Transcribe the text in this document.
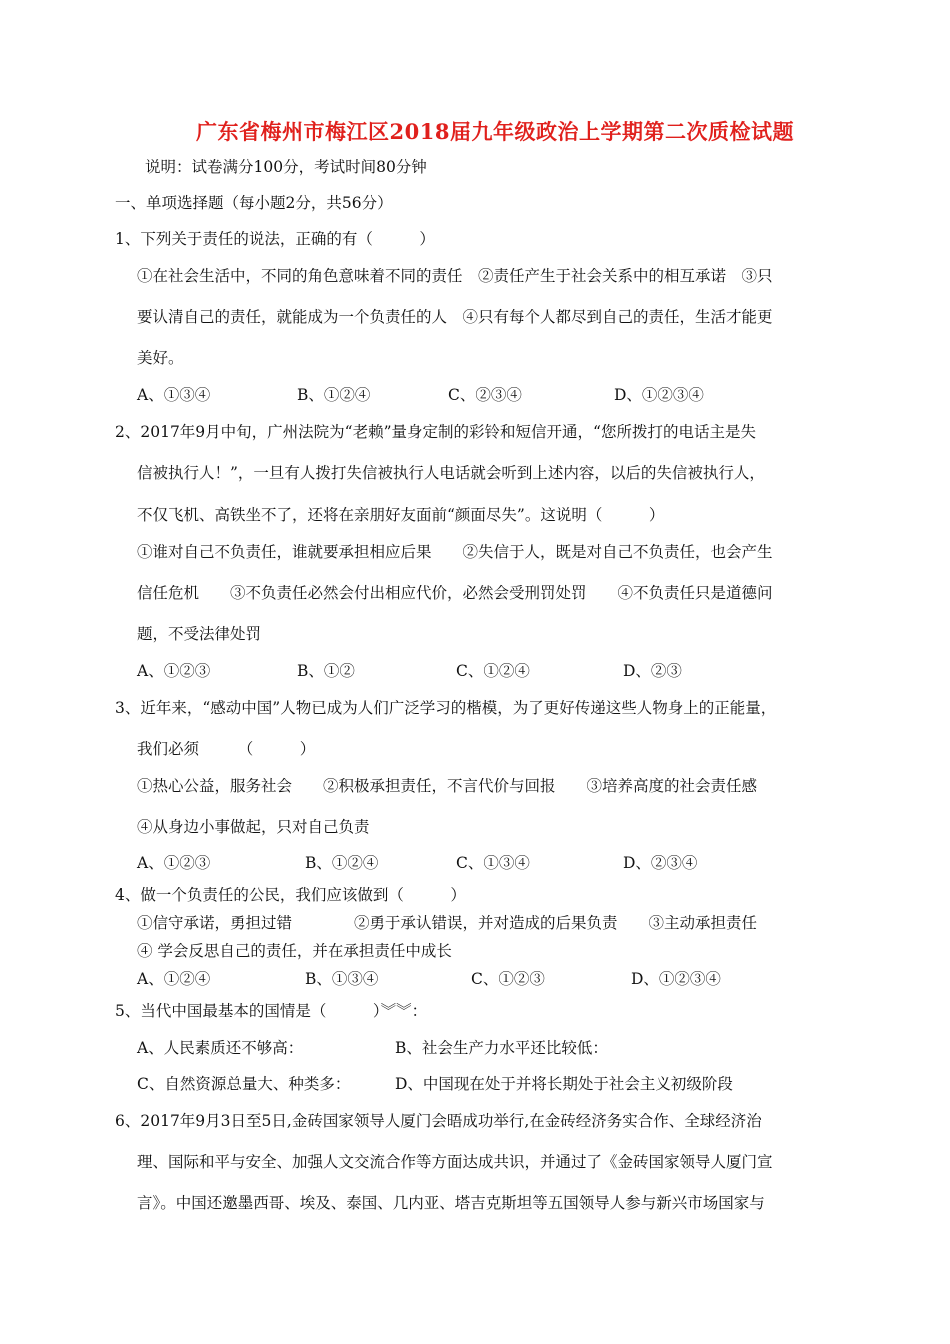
广东省梅州市梅江区2018届九年级政治上学期第二次质检试题
说明：试卷满分100分，考试时间80分钟
一、单项选择题（每小题2分，共56分）
1、下列关于责任的说法，正确的有（　　　）
①在社会生活中，不同的角色意味着不同的责任　②责任产生于社会关系中的相互承诺　③只
要认清自己的责任，就能成为一个负责任的人　④只有每个人都尽到自己的责任，生活才能更
美好。
A、①③④	B、①②④	C、②③④	D、①②③④
2、2017年9月中旬，广州法院为“老赖”量身定制的彩铃和短信开通，“您所拨打的电话主是失
信被执行人！”，一旦有人拨打失信被执行人电话就会听到上述内容，以后的失信被执行人，
不仅飞机、高铁坐不了，还将在亲朋好友面前“颜面尽失”。这说明（　　　）
①谁对自己不负责任，谁就要承担相应后果　　②失信于人，既是对自己不负责任，也会产生
信任危机　　③不负责任必然会付出相应代价，必然会受刑罚处罚　　④不负责任只是道德问
题，不受法律处罚
A、①②③	B、①②	C、①②④	D、②③
3、近年来，“感动中国”人物已成为人们广泛学习的楷模，为了更好传递这些人物身上的正能量，
我们必须　　　（　　　）
①热心公益，服务社会　　②积极承担责任，不言代价与回报　　③培养高度的社会责任感
④从身边小事做起，只对自己负责
A、①②③	B、①②④	C、①③④	D、②③④
4、做一个负责任的公民，我们应该做到（　　　）
①信守承诺，勇担过错　　　　②勇于承认错误，并对造成的后果负责　　③主动承担责任
④ 学会反思自己的责任，并在承担责任中成长
A、①②④	B、①③④	C、①②③	D、①②③④
5、当代中国最基本的国情是（　　　）︾︾：
A、人民素质还不够高：	B、社会生产力水平还比较低：
C、自然资源总量大、种类多：	D、中国现在处于并将长期处于社会主义初级阶段
6、2017年9月3日至5日,金砖国家领导人厦门会晤成功举行,在金砖经济务实合作、全球经济治
理、国际和平与安全、加强人文交流合作等方面达成共识，并通过了《金砖国家领导人厦门宣
言》。中国还邀墨西哥、埃及、泰国、几内亚、塔吉克斯坦等五国领导人参与新兴市场国家与
